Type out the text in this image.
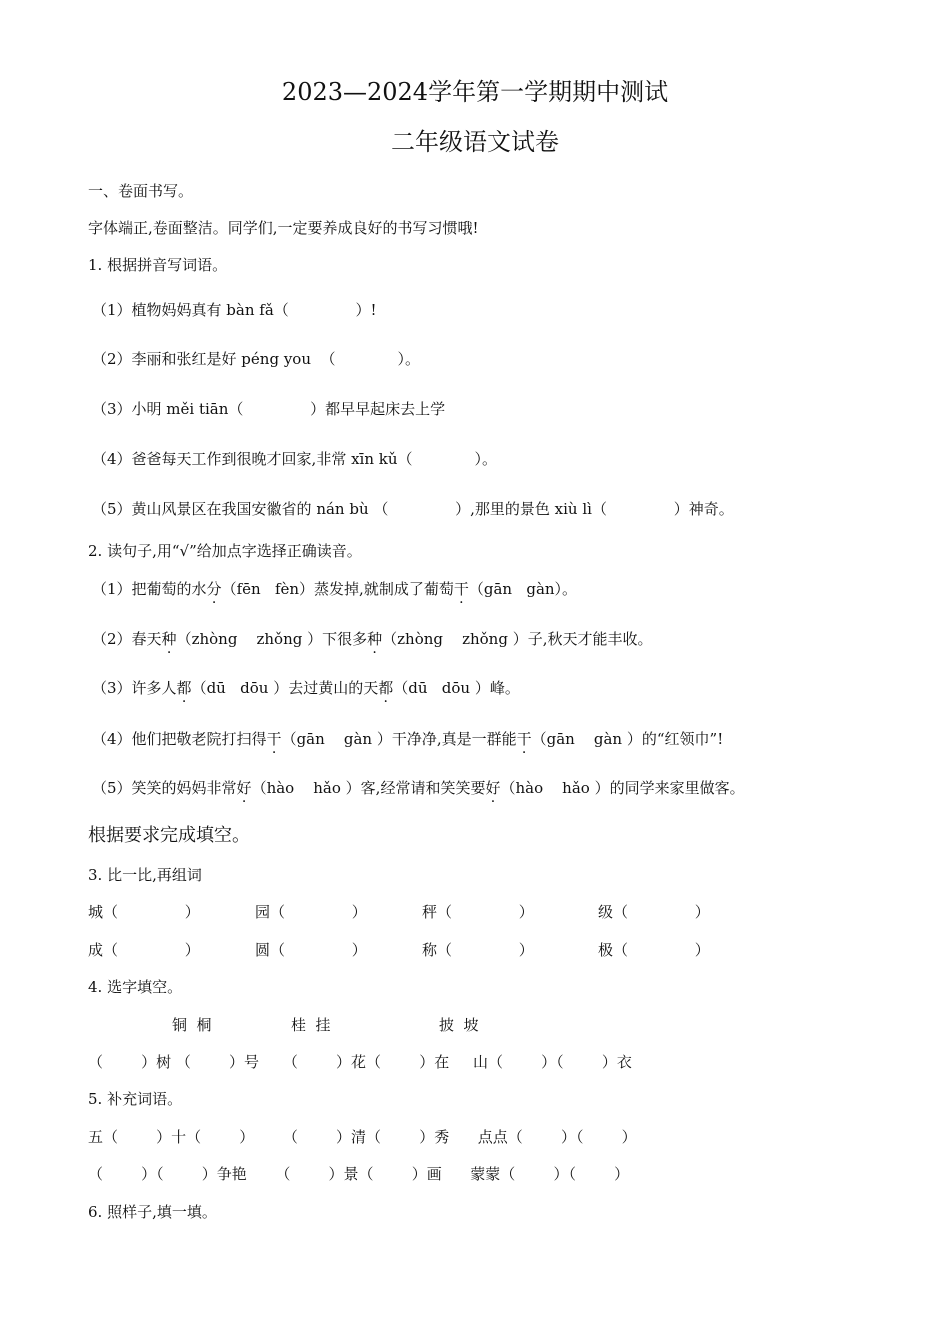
2023—2024学年第一学期期中测试
二年级语文试卷
一、卷面书写。
字体端正,卷面整洁。同学们,一定要养成良好的书写习惯哦!
1. 根据拼音写词语。
（1）植物妈妈真有 bàn fǎ（              ）!
（2）李丽和张红是好 péng you  （             ）。
（3）小明 měi tiān（              ）都早早起床去上学
（4）爸爸每天工作到很晚才回家,非常 xīn kǔ（             ）。
（5）黄山风景区在我国安徽省的 nán bù （              ）,那里的景色 xiù lì（              ）神奇。
2. 读句子,用“√”给加点字选择正确读音。
（1）把葡萄的水分（fēn   fèn）蒸发掉,就制成了葡萄干（gān   gàn）。
（2）春天种（zhòng    zhǒng ）下很多种（zhòng    zhǒng ）子,秋天才能丰收。
（3）许多人都（dū   dōu ）去过黄山的天都（dū   dōu ）峰。
（4）他们把敬老院打扫得干（gān    gàn ）干净净,真是一群能干（gān    gàn ）的“红领巾”!
（5）笑笑的妈妈非常好（hào    hǎo ）客,经常请和笑笑要好（hào    hǎo ）的同学来家里做客。
根据要求完成填空。
3. 比一比,再组词
城（              ）	园（              ）	秤（              ）	级（              ）
成（              ）	圆（              ）	称（              ）	极（              ）
4. 选字填空。
铜  桐	桂  挂	披  坡
（        ）树 （        ）号     （        ）花（        ）在     山（        ）（        ）衣
5. 补充词语。
五（        ）十（        ）      （        ）清（        ）秀      点点（        ）（        ）
（        ）（        ）争艳      （        ）景（        ）画      蒙蒙（        ）（        ）
6. 照样子,填一填。
